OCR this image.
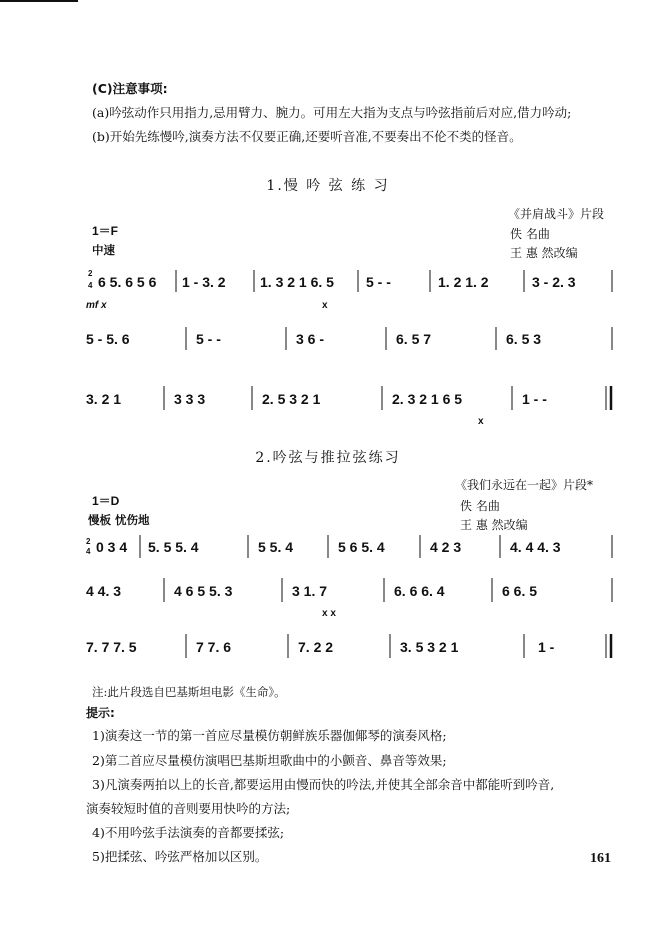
(C)注意事项:
(a)吟弦动作只用指力,忌用臂力、腕力。可用左大指为支点与吟弦指前后对应,借力吟动;
(b)开始先练慢吟,演奏方法不仅要正确,还要听音准,不要奏出不伦不类的怪音。
1.慢 吟 弦 练 习
《并肩战斗》片段
佚 名曲
王 惠 然改编
1＝F
中速
2
4 6 5. 6 5 6 1 - 3. 2 1. 3 2 1 6. 5 5 - -	1. 2 1. 2	3 - 2. 3
mf x	x
5 - 5. 6	5 - -	3 6 -	6. 5 7	6. 5 3
3. 2 1	3 3 3	2. 5 3 2 1	2. 3 2 1 6 5	1 - -
x
2.吟弦与推拉弦练习
《我们永远在一起》片段*
佚 名曲
王 惠 然改编
1＝D
慢板 忧伤地
2
4 0 3 4 5. 5 5. 4	5 5. 4	5 6 5. 4	4 2 3	4. 4 4. 3
4 4. 3	4 6 5 5. 3	3 1. 7	6. 6 6. 4	6 6. 5
x x
7. 7 7. 5	7 7. 6	7. 2 2	3. 5 3 2 1	1 -
注:此片段选自巴基斯坦电影《生命》。
提示:
1)演奏这一节的第一首应尽量模仿朝鲜族乐器伽倻琴的演奏风格;
2)第二首应尽量模仿演唱巴基斯坦歌曲中的小颤音、鼻音等效果;
3)凡演奏两拍以上的长音,都要运用由慢而快的吟法,并使其全部余音中都能听到吟音,
演奏较短时值的音则要用快吟的方法;
4)不用吟弦手法演奏的音都要揉弦;
5)把揉弦、吟弦严格加以区别。	161
